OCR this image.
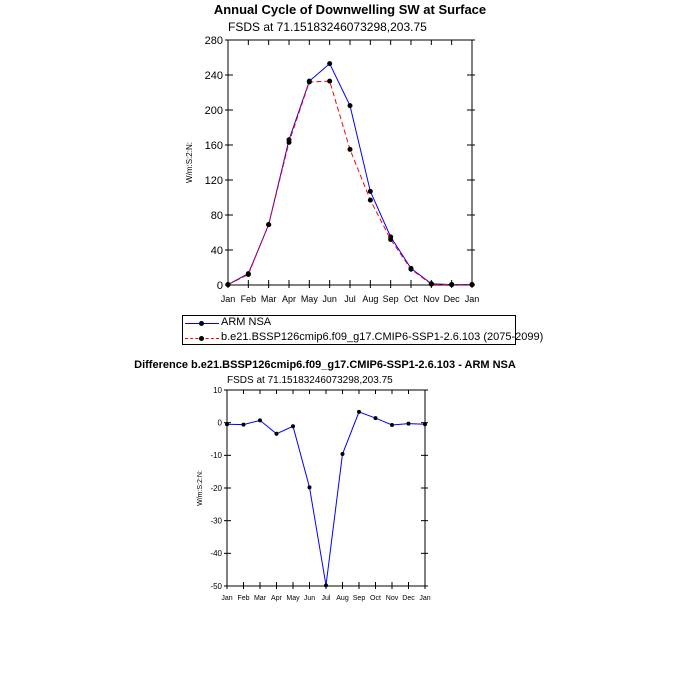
Annual Cycle of Downwelling SW at Surface
FSDS at 71.15183246073298,203.75
0
40
80
120
160
200
240
280
Jan Feb Mar Apr May Jun Jul Aug Sep Oct Nov Dec Jan
W/m:S:2:N:
ARM NSA
b.e21.BSSP126cmip6.f09_g17.CMIP6-SSP1-2.6.103 (2075-2099)
Difference b.e21.BSSP126cmip6.f09_g17.CMIP6-SSP1-2.6.103 - ARM NSA
FSDS at 71.15183246073298,203.75
10
0
-10
-20
-30
-40
-50
Jan Feb Mar Apr May Jun Jul Aug Sep Oct Nov Dec Jan
W/m:S:2:N:
